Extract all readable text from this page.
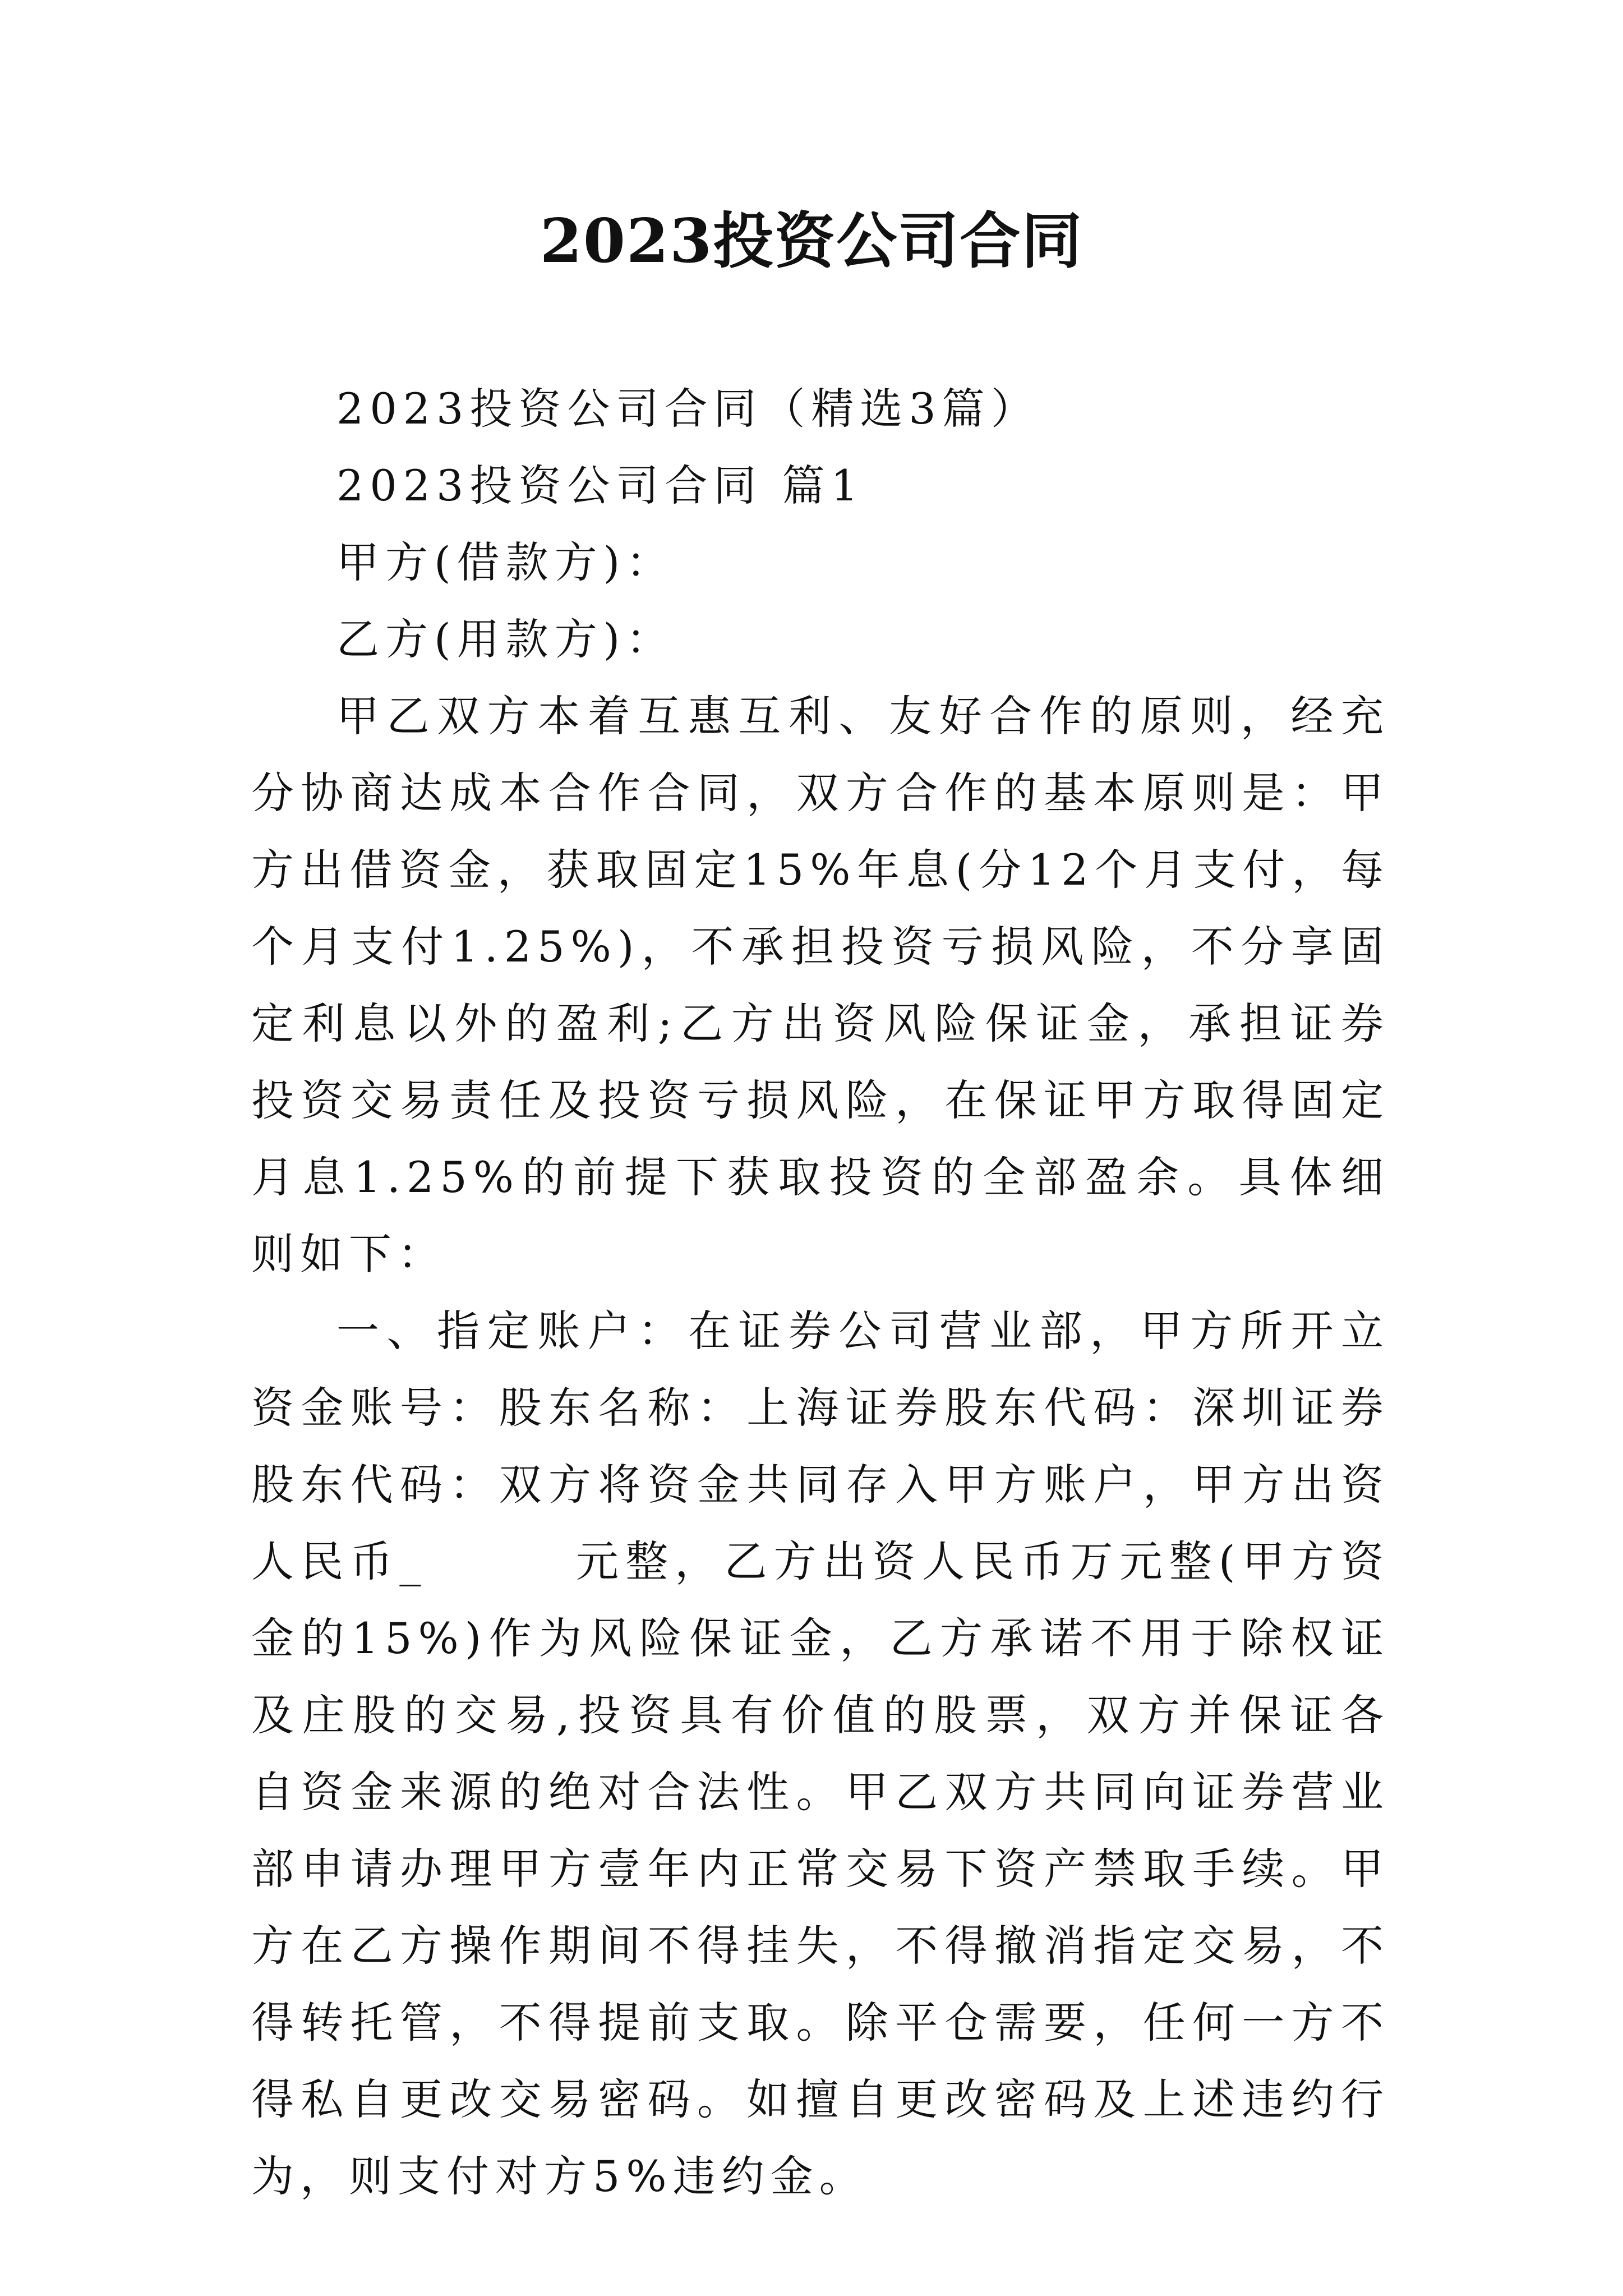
2023投资公司合同

2023投资公司合同（精选3篇）

2023投资公司合同 篇1

甲方(借款方)：

乙方(用款方)：

甲乙双方本着互惠互利、友好合作的原则，经充分协商达成本合作合同，双方合作的基本原则是：甲方出借资金，获取固定15%年息(分12个月支付，每个月支付1.25%)，不承担投资亏损风险，不分享固定利息以外的盈利;乙方出资风险保证金，承担证券投资交易责任及投资亏损风险，在保证甲方取得固定月息1.25%的前提下获取投资的全部盈余。具体细则如下：

一、指定账户：在证券公司营业部，甲方所开立资金账号：股东名称：上海证券股东代码：深圳证券股东代码：双方将资金共同存入甲方账户，甲方出资人民币_　　　元整，乙方出资人民币万元整(甲方资金的15%)作为风险保证金，乙方承诺不用于除权证及庄股的交易,投资具有价值的股票，双方并保证各自资金来源的绝对合法性。甲乙双方共同向证券营业部申请办理甲方壹年内正常交易下资产禁取手续。甲方在乙方操作期间不得挂失，不得撤消指定交易，不得转托管，不得提前支取。除平仓需要，任何一方不得私自更改交易密码。如擅自更改密码及上述违约行为，则支付对方5%违约金。
